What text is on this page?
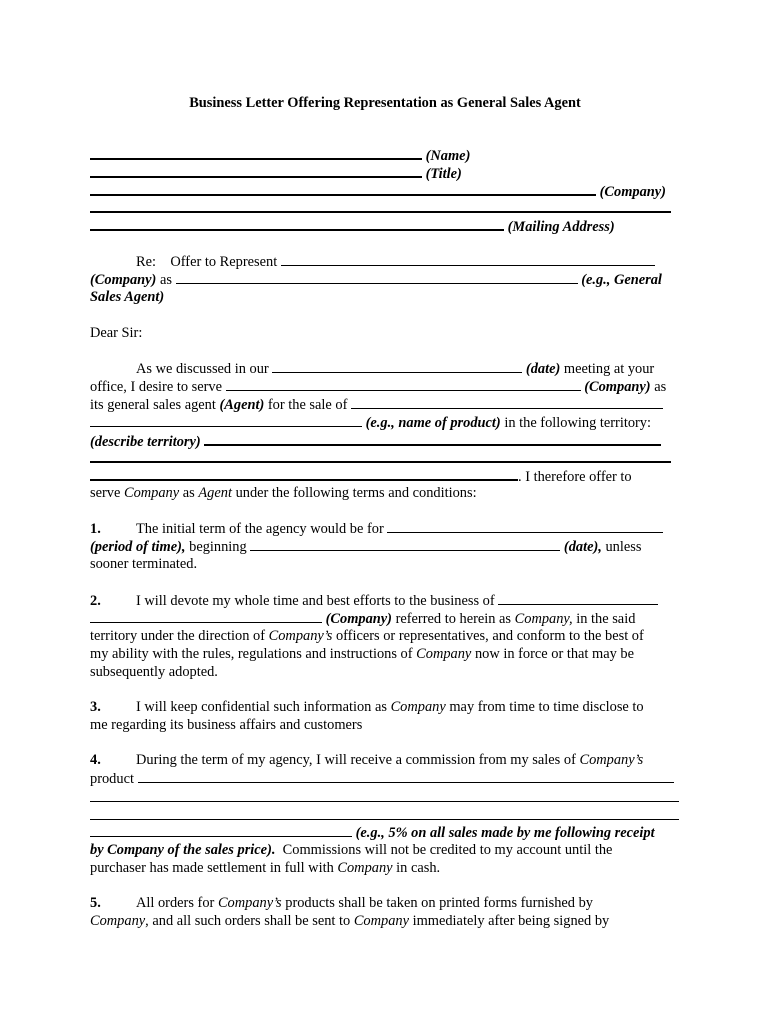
Business Letter Offering Representation as General Sales Agent
(Name)
(Title)
(Company)
(Mailing Address)
Re: Offer to Represent
(Company) as	(e.g., General
Sales Agent)
Dear Sir:
As we discussed in our	(date) meeting at your
office, I desire to serve	(Company) as
its general sales agent (Agent) for the sale of
(e.g., name of product) in the following territory:
(describe territory)
. I therefore offer to
serve Company as Agent under the following terms and conditions:
1. The initial term of the agency would be for
(period of time), beginning	(date), unless
sooner terminated.
2. I will devote my whole time and best efforts to the business of
(Company) referred to herein as Company, in the said
territory under the direction of Company’s officers or representatives, and conform to the best of
my ability with the rules, regulations and instructions of Company now in force or that may be
subsequently adopted.
3. I will keep confidential such information as Company may from time to time disclose to
me regarding its business affairs and customers
4. During the term of my agency, I will receive a commission from my sales of Company’s
product
(e.g., 5% on all sales made by me following receipt
by Company of the sales price). Commissions will not be credited to my account until the
purchaser has made settlement in full with Company in cash.
5. All orders for Company’s products shall be taken on printed forms furnished by
Company, and all such orders shall be sent to Company immediately after being signed by
